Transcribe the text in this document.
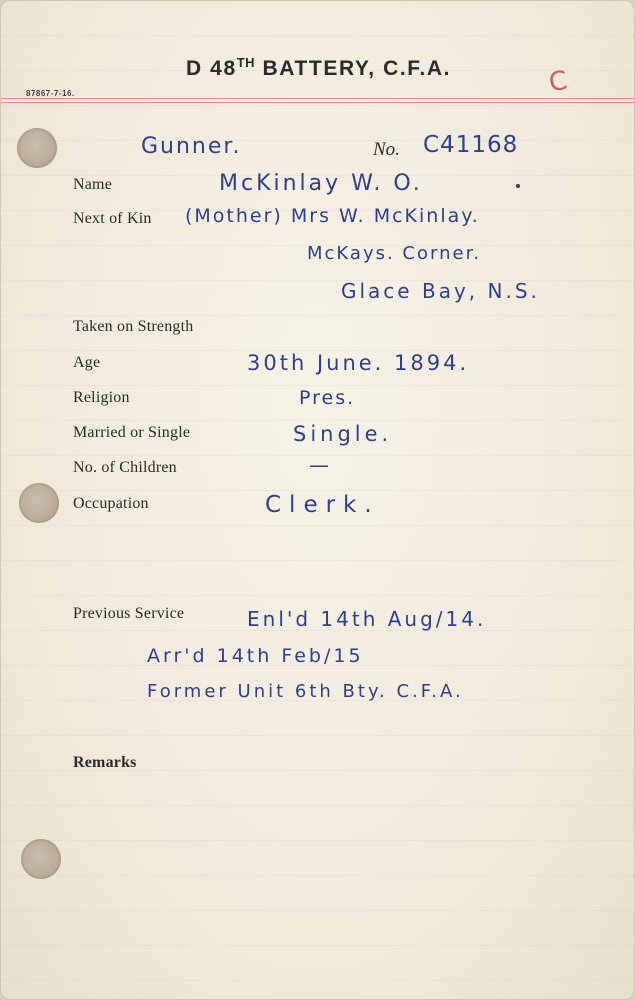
D 48TH BATTERY, C.F.A.
87867-7-16.	C
Gunner.	No. C41168
Name	McKinlay W. O.
Next of Kin (Mother) Mrs W. McKinlay.
McKays. Corner.
Glace Bay, N.S.
Taken on Strength
Age	30th June. 1894.
Religion	Pres.
Married or Single	Single.
No. of Children	—
Occupation	Clerk.
Previous Service	Enl'd 14th Aug/14.
Arr'd 14th Feb/15
Former Unit 6th Bty. C.F.A.
Remarks
